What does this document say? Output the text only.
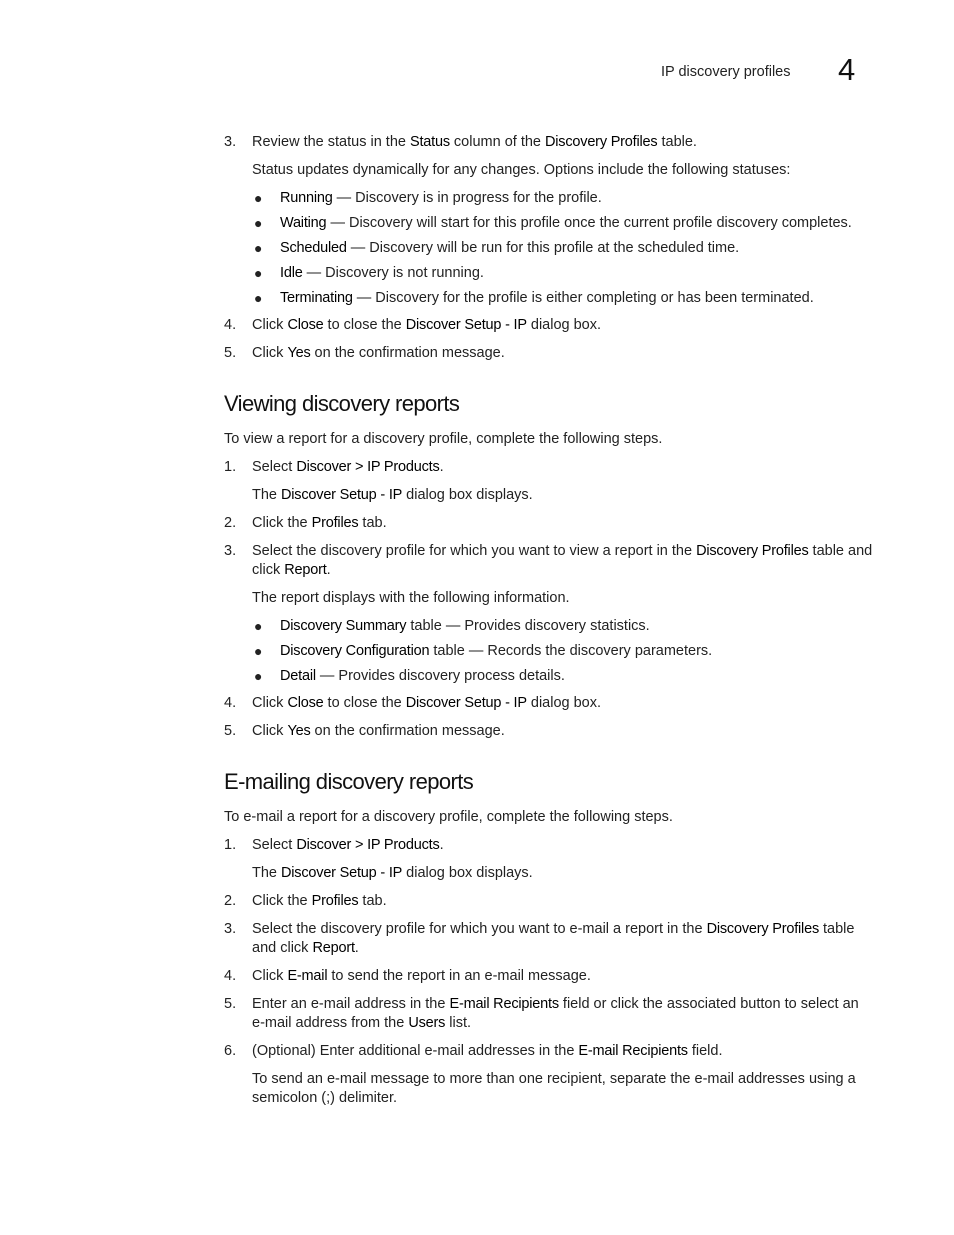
IP discovery profiles 4
3. Review the status in the Status column of the Discovery Profiles table.
Status updates dynamically for any changes. Options include the following statuses:
● Running — Discovery is in progress for the profile.
● Waiting — Discovery will start for this profile once the current profile discovery completes.
● Scheduled — Discovery will be run for this profile at the scheduled time.
● Idle — Discovery is not running.
● Terminating — Discovery for the profile is either completing or has been terminated.
4. Click Close to close the Discover Setup - IP dialog box.
5. Click Yes on the confirmation message.
Viewing discovery reports
To view a report for a discovery profile, complete the following steps.
1. Select Discover > IP Products.
The Discover Setup - IP dialog box displays.
2. Click the Profiles tab.
3. Select the discovery profile for which you want to view a report in the Discovery Profiles table and click Report.
The report displays with the following information.
● Discovery Summary table — Provides discovery statistics.
● Discovery Configuration table — Records the discovery parameters.
● Detail — Provides discovery process details.
4. Click Close to close the Discover Setup - IP dialog box.
5. Click Yes on the confirmation message.
E-mailing discovery reports
To e-mail a report for a discovery profile, complete the following steps.
1. Select Discover > IP Products.
The Discover Setup - IP dialog box displays.
2. Click the Profiles tab.
3. Select the discovery profile for which you want to e-mail a report in the Discovery Profiles table and click Report.
4. Click E-mail to send the report in an e-mail message.
5. Enter an e-mail address in the E-mail Recipients field or click the associated button to select an e-mail address from the Users list.
6. (Optional) Enter additional e-mail addresses in the E-mail Recipients field.
To send an e-mail message to more than one recipient, separate the e-mail addresses using a semicolon (;) delimiter.
